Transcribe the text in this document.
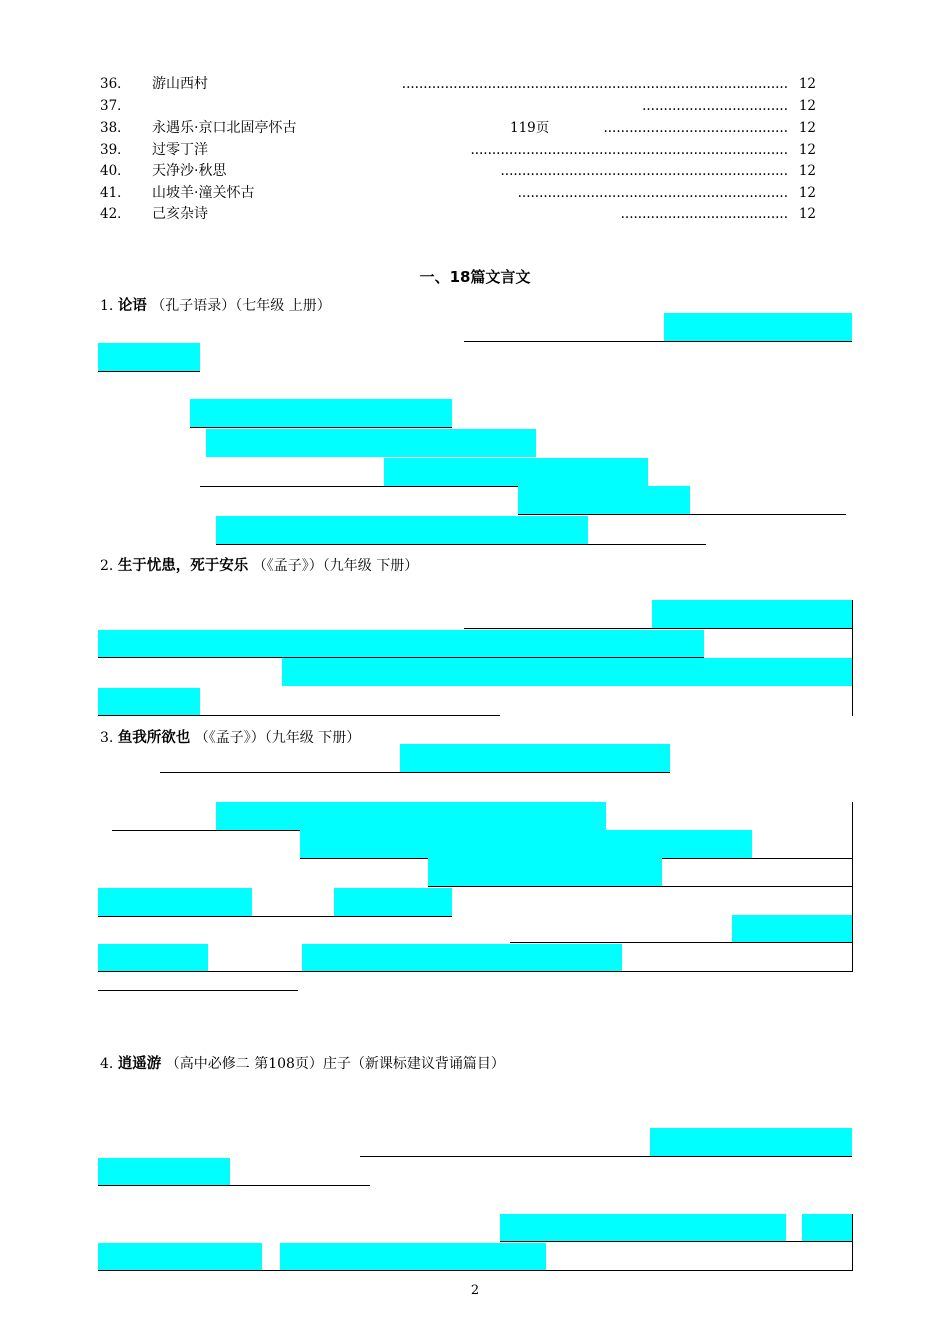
36． 游山西村	.......................................................................................... 12
37．	.................................. 12
38． 永遇乐·京口北固亭怀古	119页	........................................... 12
39． 过零丁洋	.......................................................................... 12
40． 天净沙·秋思	................................................................... 12
41． 山坡羊·潼关怀古	............................................................... 12
42． 己亥杂诗	....................................... 12
一、18篇文言文
1. 论语 （孔子语录）（七年级 上册）
2. 生于忧患，死于安乐 （《孟子》）（九年级 下册）
3. 鱼我所欲也 （《孟子》）（九年级 下册）
4. 逍遥游 （高中必修二 第108页）庄子（新课标建议背诵篇目）
2
